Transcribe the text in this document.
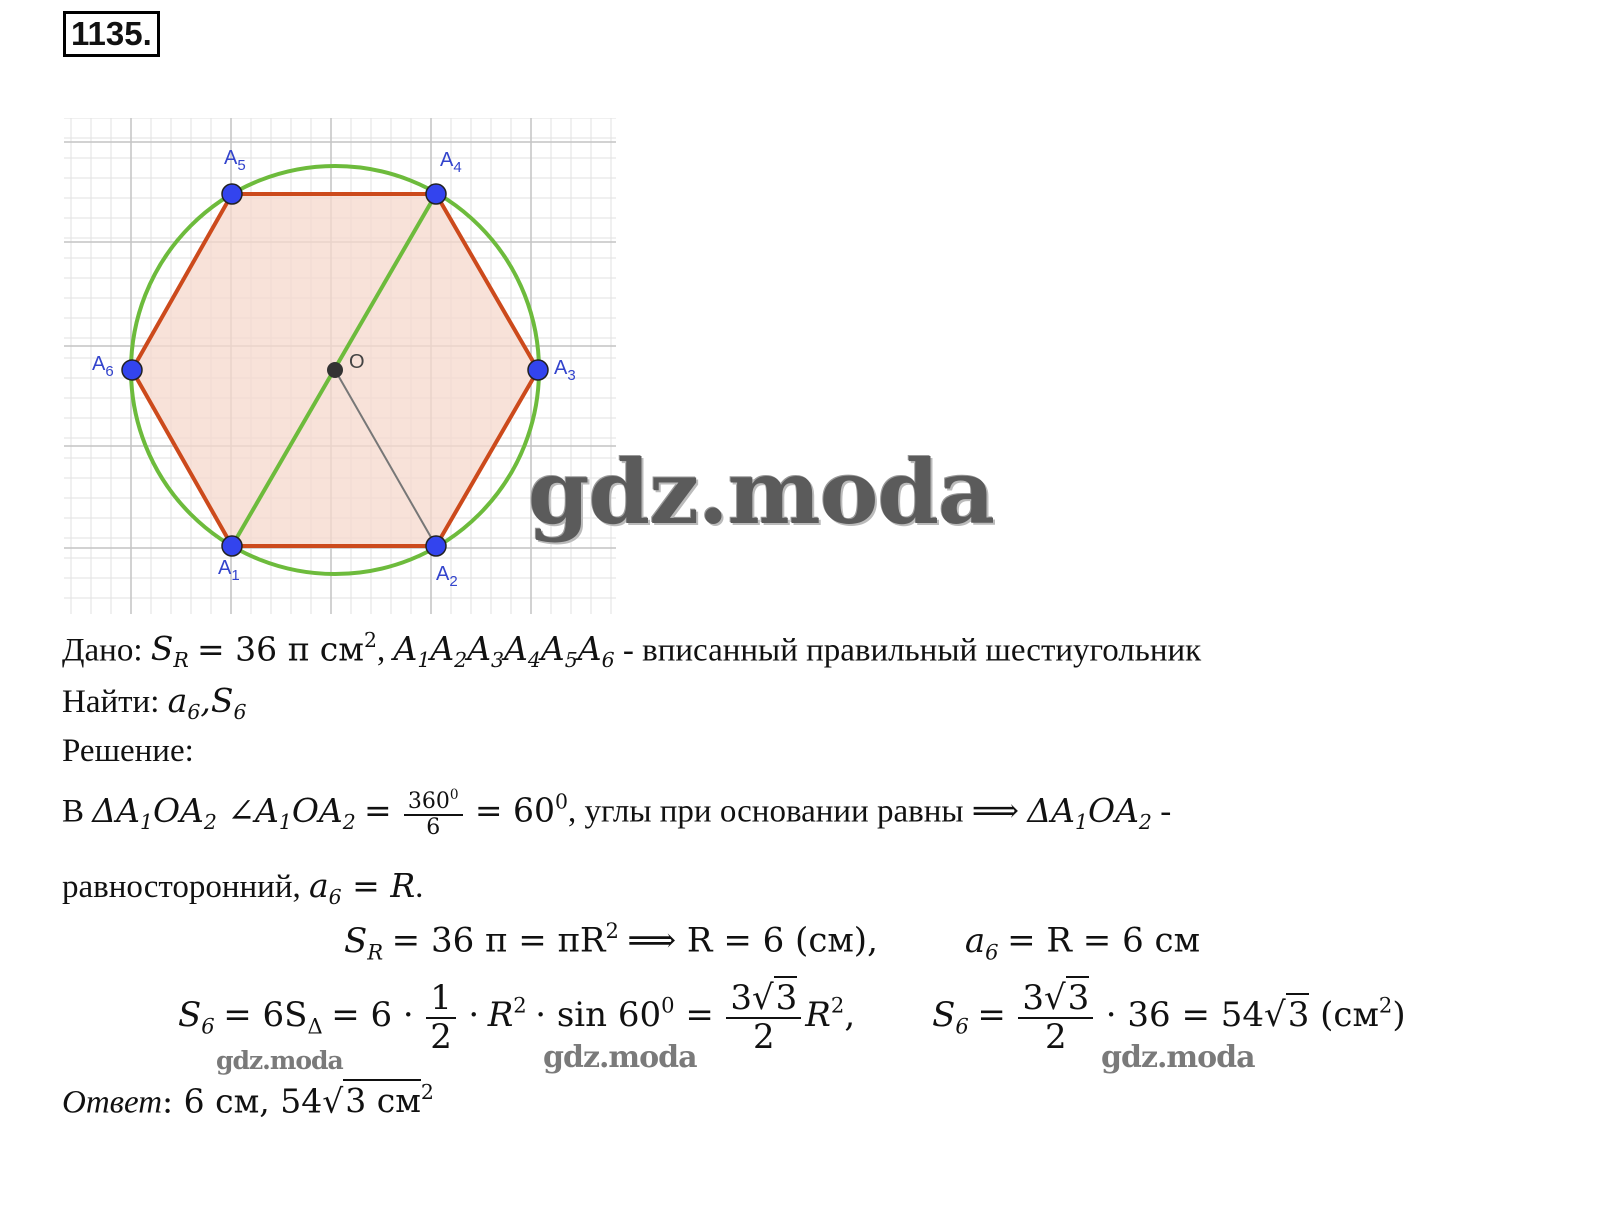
1135.
$A_5$	$A_4$
$A_6$	$A_3$
$A_1$	$A_2$
O
gdz.moda
Дано: $S_R = 36$ π $см^2$, $A_1A_2A_3A_4A_5A_6$ - вписанный правильный шестиугольник
Найти: $a_6,S_6$
Решение:
В $\Delta A_1OA_2$ $\angle A_1OA_2 = \frac{360^0}{6} = 60^0$, углы при основании равны ⟹ $\Delta A_1OA_2$ -
равносторонний, $a_6 = R$.
$S_R = 36$ $\pi = \pi R^2$ ⟹ R = 6 (см),	$a_6 = R = 6$ см
$S_6 = 6S_\Delta = 6 \cdot \frac{1}{2} \cdot R^2 \cdot \sin 60^0 = \frac{3√3}{2} R^2$, $S_6 = \frac{3√3}{2} \cdot 36 = 54√3$ $(см^2)$
gdz.moda	gdz.moda	gdz.moda
Ответ: 6 см, 54√3 $см^2$
